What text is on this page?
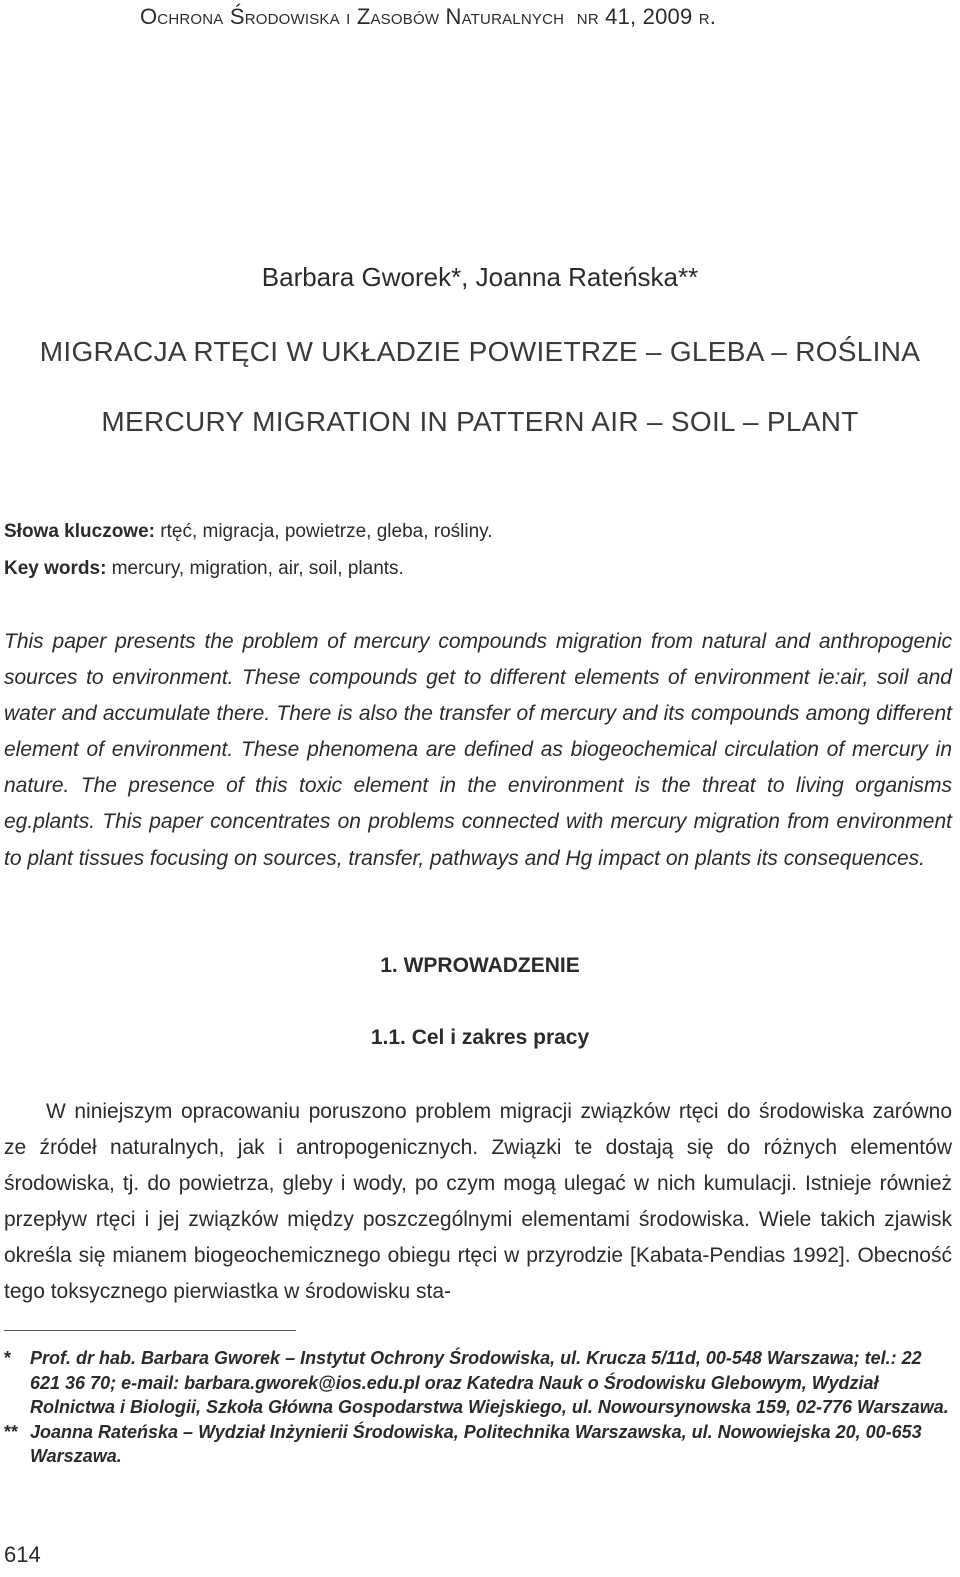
Ochrona Środowiska i Zasobów Naturalnych nr 41, 2009 r.
Barbara Gworek*, Joanna Rateńska**
MIGRACJA RTĘCI W UKŁADZIE POWIETRZE – GLEBA – ROŚLINA
MERCURY MIGRATION IN PATTERN AIR – SOIL – PLANT
Słowa kluczowe: rtęć, migracja, powietrze, gleba, rośliny.
Key words: mercury, migration, air, soil, plants.
This paper presents the problem of mercury compounds migration from natural and anthropogenic sources to environment. These compounds get to different elements of environment ie:air, soil and water and accumulate there. There is also the transfer of mercury and its compounds among different element of environment. These phenomena are defined as biogeochemical circulation of mercury in nature. The presence of this toxic element in the environment is the threat to living organisms eg.plants. This paper concentrates on problems connected with mercury migration from environment to plant tissues focusing on sources, transfer, pathways and Hg impact on plants its consequences.
1. WPROWADZENIE
1.1. Cel i zakres pracy
W niniejszym opracowaniu poruszono problem migracji związków rtęci do środowiska zarówno ze źródeł naturalnych, jak i antropogenicznych. Związki te dostają się do różnych elementów środowiska, tj. do powietrza, gleby i wody, po czym mogą ulegać w nich kumulacji. Istnieje również przepływ rtęci i jej związków między poszczególnymi elementami środowiska. Wiele takich zjawisk określa się mianem biogeochemicznego obiegu rtęci w przyrodzie [Kabata-Pendias 1992]. Obecność tego toksycznego pierwiastka w środowisku sta-
* Prof. dr hab. Barbara Gworek – Instytut Ochrony Środowiska, ul. Krucza 5/11d, 00-548 Warszawa; tel.: 22 621 36 70; e-mail: barbara.gworek@ios.edu.pl oraz Katedra Nauk o Środowisku Glebowym, Wydział Rolnictwa i Biologii, Szkoła Główna Gospodarstwa Wiejskiego, ul. Nowoursynowska 159, 02-776 Warszawa.
** Joanna Rateńska – Wydział Inżynierii Środowiska, Politechnika Warszawska, ul. Nowowiejska 20, 00-653 Warszawa.
614
